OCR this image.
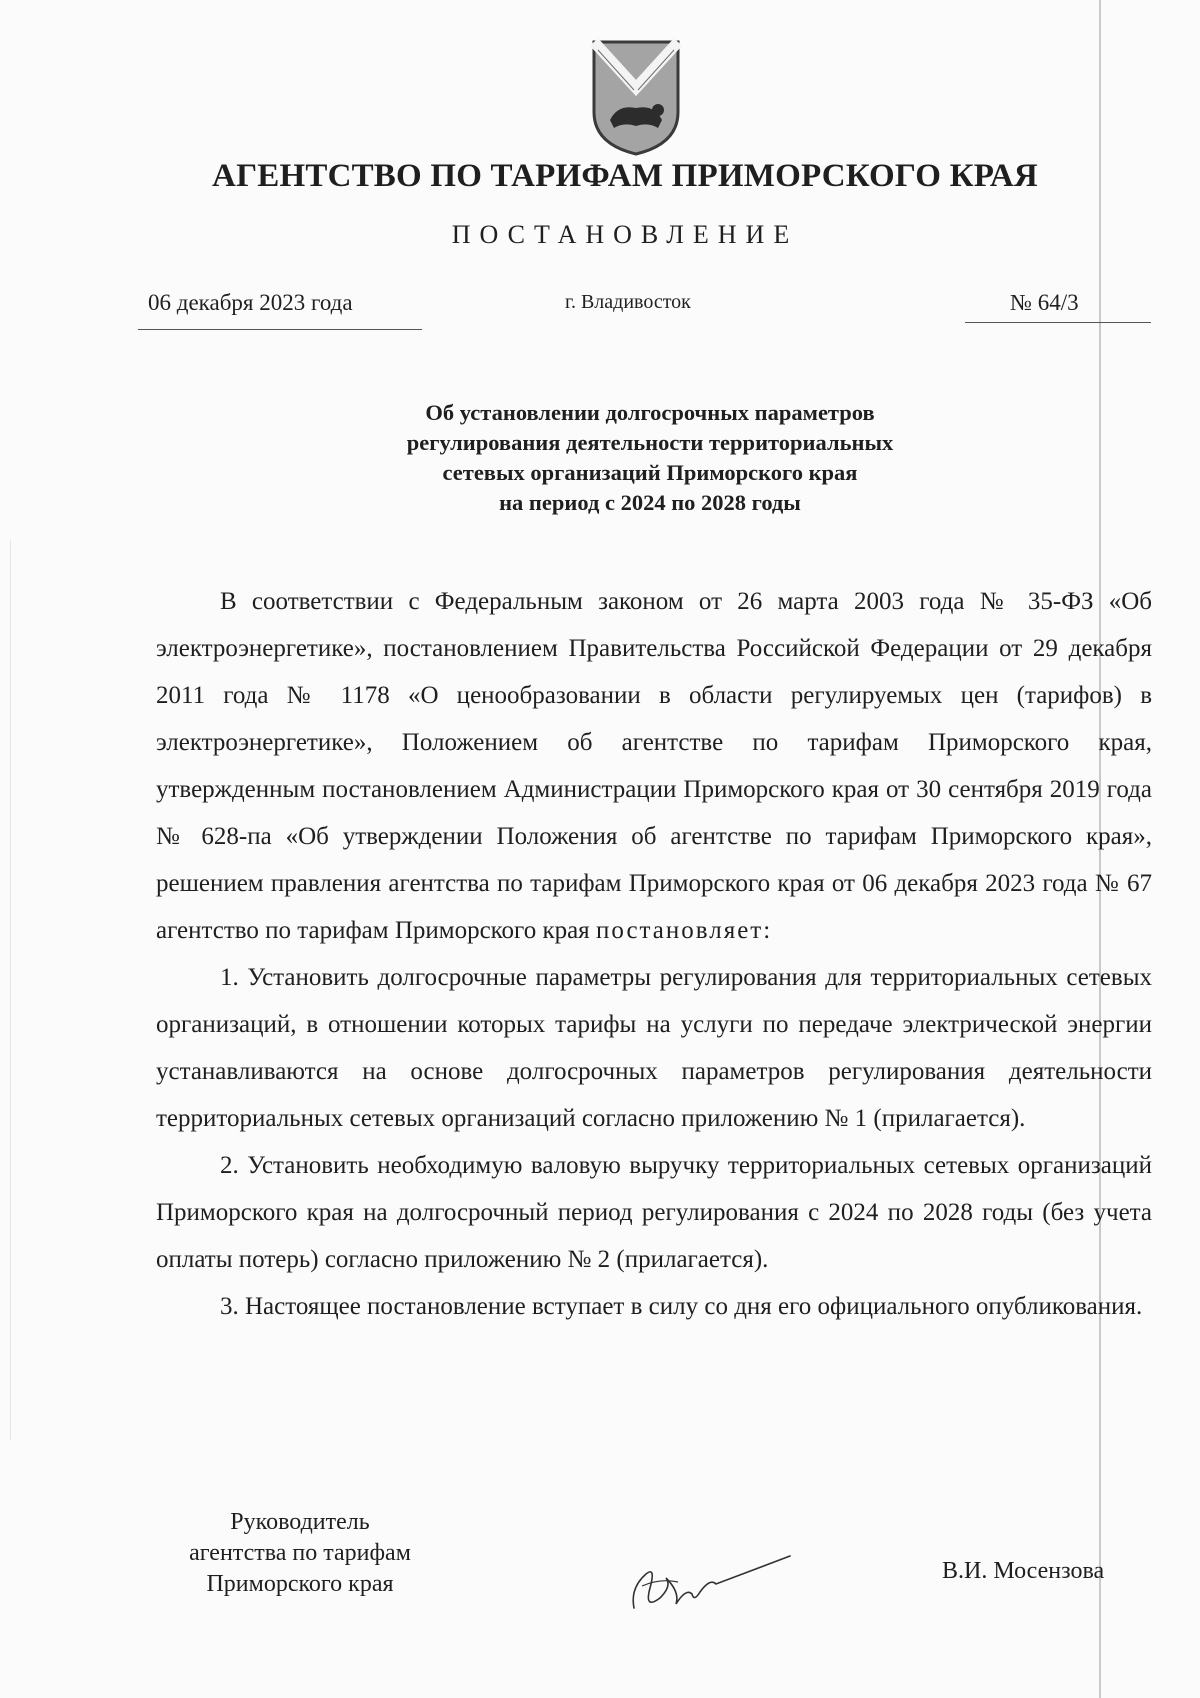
АГЕНТСТВО ПО ТАРИФАМ ПРИМОРСКОГО КРАЯ
ПОСТАНОВЛЕНИЕ
06 декабря 2023 года	г. Владивосток	№ 64/3
Об установлении долгосрочных параметров
регулирования деятельности территориальных
сетевых организаций Приморского края
на период с 2024 по 2028 годы

В соответствии с Федеральным законом от 26 марта 2003 года № 35-ФЗ «Об электроэнергетике», постановлением Правительства Российской Федерации от 29 декабря 2011 года № 1178 «О ценообразовании в области регулируемых цен (тарифов) в электроэнергетике», Положением об агентстве по тарифам Приморского края, утвержденным постановлением Администрации Приморского края от 30 сентября 2019 года № 628-па «Об утверждении Положения об агентстве по тарифам Приморского края», решением правления агентства по тарифам Приморского края от 06 декабря 2023 года № 67 агентство по тарифам Приморского края постановляет:

1. Установить долгосрочные параметры регулирования для территориальных сетевых организаций, в отношении которых тарифы на услуги по передаче электрической энергии устанавливаются на основе долгосрочных параметров регулирования деятельности территориальных сетевых организаций согласно приложению № 1 (прилагается).

2. Установить необходимую валовую выручку территориальных сетевых организаций Приморского края на долгосрочный период регулирования с 2024 по 2028 годы (без учета оплаты потерь) согласно приложению № 2 (прилагается).

3. Настоящее постановление вступает в силу со дня его официального опубликования.

Руководитель
агентства по тарифам
Приморского края	В.И. Мосензова
